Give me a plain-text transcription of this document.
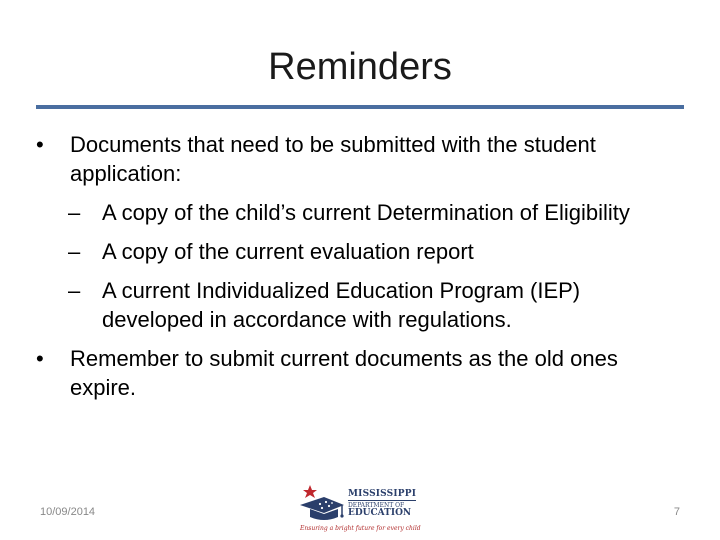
Reminders
• Documents that need to be submitted with the student application:
– A copy of the child’s current Determination of Eligibility
– A copy of the current evaluation report
– A current Individualized Education Program (IEP) developed in accordance with regulations.
• Remember to submit current documents as the old ones expire.
10/09/2014
MISSISSIPPI
DEPARTMENT OF
EDUCATION
Ensuring a bright future for every child
7
